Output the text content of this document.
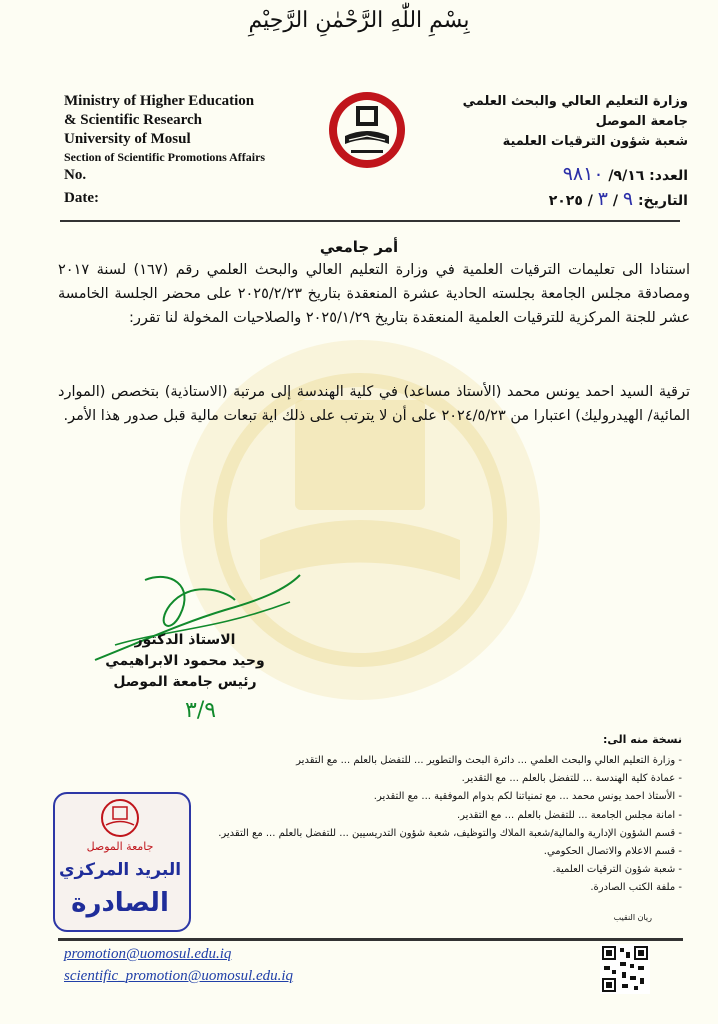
بِسْمِ اللّٰهِ الرَّحْمٰنِ الرَّحِيْمِ
Ministry of Higher Education
& Scientific Research
University of Mosul
Section of Scientific Promotions Affairs
No.
Date:
وزارة التعليم العالي والبحث العلمي
جامعة الموصل
شعبة شؤون الترقيات العلمية
العدد: ٩/١٦/ ٩٨١٠
التاريخ: ٩ / ٣ / ٢٠٢٥
أمر جامعي

استنادا الى تعليمات الترقيات العلمية في وزارة التعليم العالي والبحث العلمي رقم (١٦٧) لسنة ٢٠١٧ ومصادقة مجلس الجامعة بجلسته الحادية عشرة المنعقدة بتاريخ ٢٠٢٥/٢/٢٣ على محضر الجلسة الخامسة عشر للجنة المركزية للترقيات العلمية المنعقدة بتاريخ ٢٠٢٥/١/٢٩ والصلاحيات المخولة لنا تقرر:

ترقية السيد احمد يونس محمد (الأستاذ مساعد) في كلية الهندسة إلى مرتبة (الاستاذية) بتخصص (الموارد المائية/ الهيدروليك) اعتبارا من ٢٠٢٤/٥/٢٣ على أن لا يترتب على ذلك اية تبعات مالية قبل صدور هذا الأمر.

الاستاذ الدكتور
وحيد محمود الابراهيمي
رئيس جامعة الموصل
٣/٩
نسخة منه الى:
- وزارة التعليم العالي والبحث العلمي ... دائرة البحث والتطوير ... للتفضل بالعلم ... مع التقدير
- عمادة كلية الهندسة ... للتفضل بالعلم ... مع التقدير.
- الأستاذ احمد يونس محمد ... مع تمنياتنا لكم بدوام الموفقية ... مع التقدير.
- امانة مجلس الجامعة ... للتفضل بالعلم ... مع التقدير.
- قسم الشؤون الإدارية والمالية/شعبة الملاك والتوظيف، شعبة شؤون التدريسيين ... للتفضل بالعلم ... مع التقدير.
- قسم الاعلام والاتصال الحكومي.
- شعبة شؤون الترقيات العلمية.
- ملفة الكتب الصادرة.
ريان النقيب
جامعة الموصل
البريد المركزي
الصادرة
promotion@uomosul.edu.iq
scientific_promotion@uomosul.edu.iq
